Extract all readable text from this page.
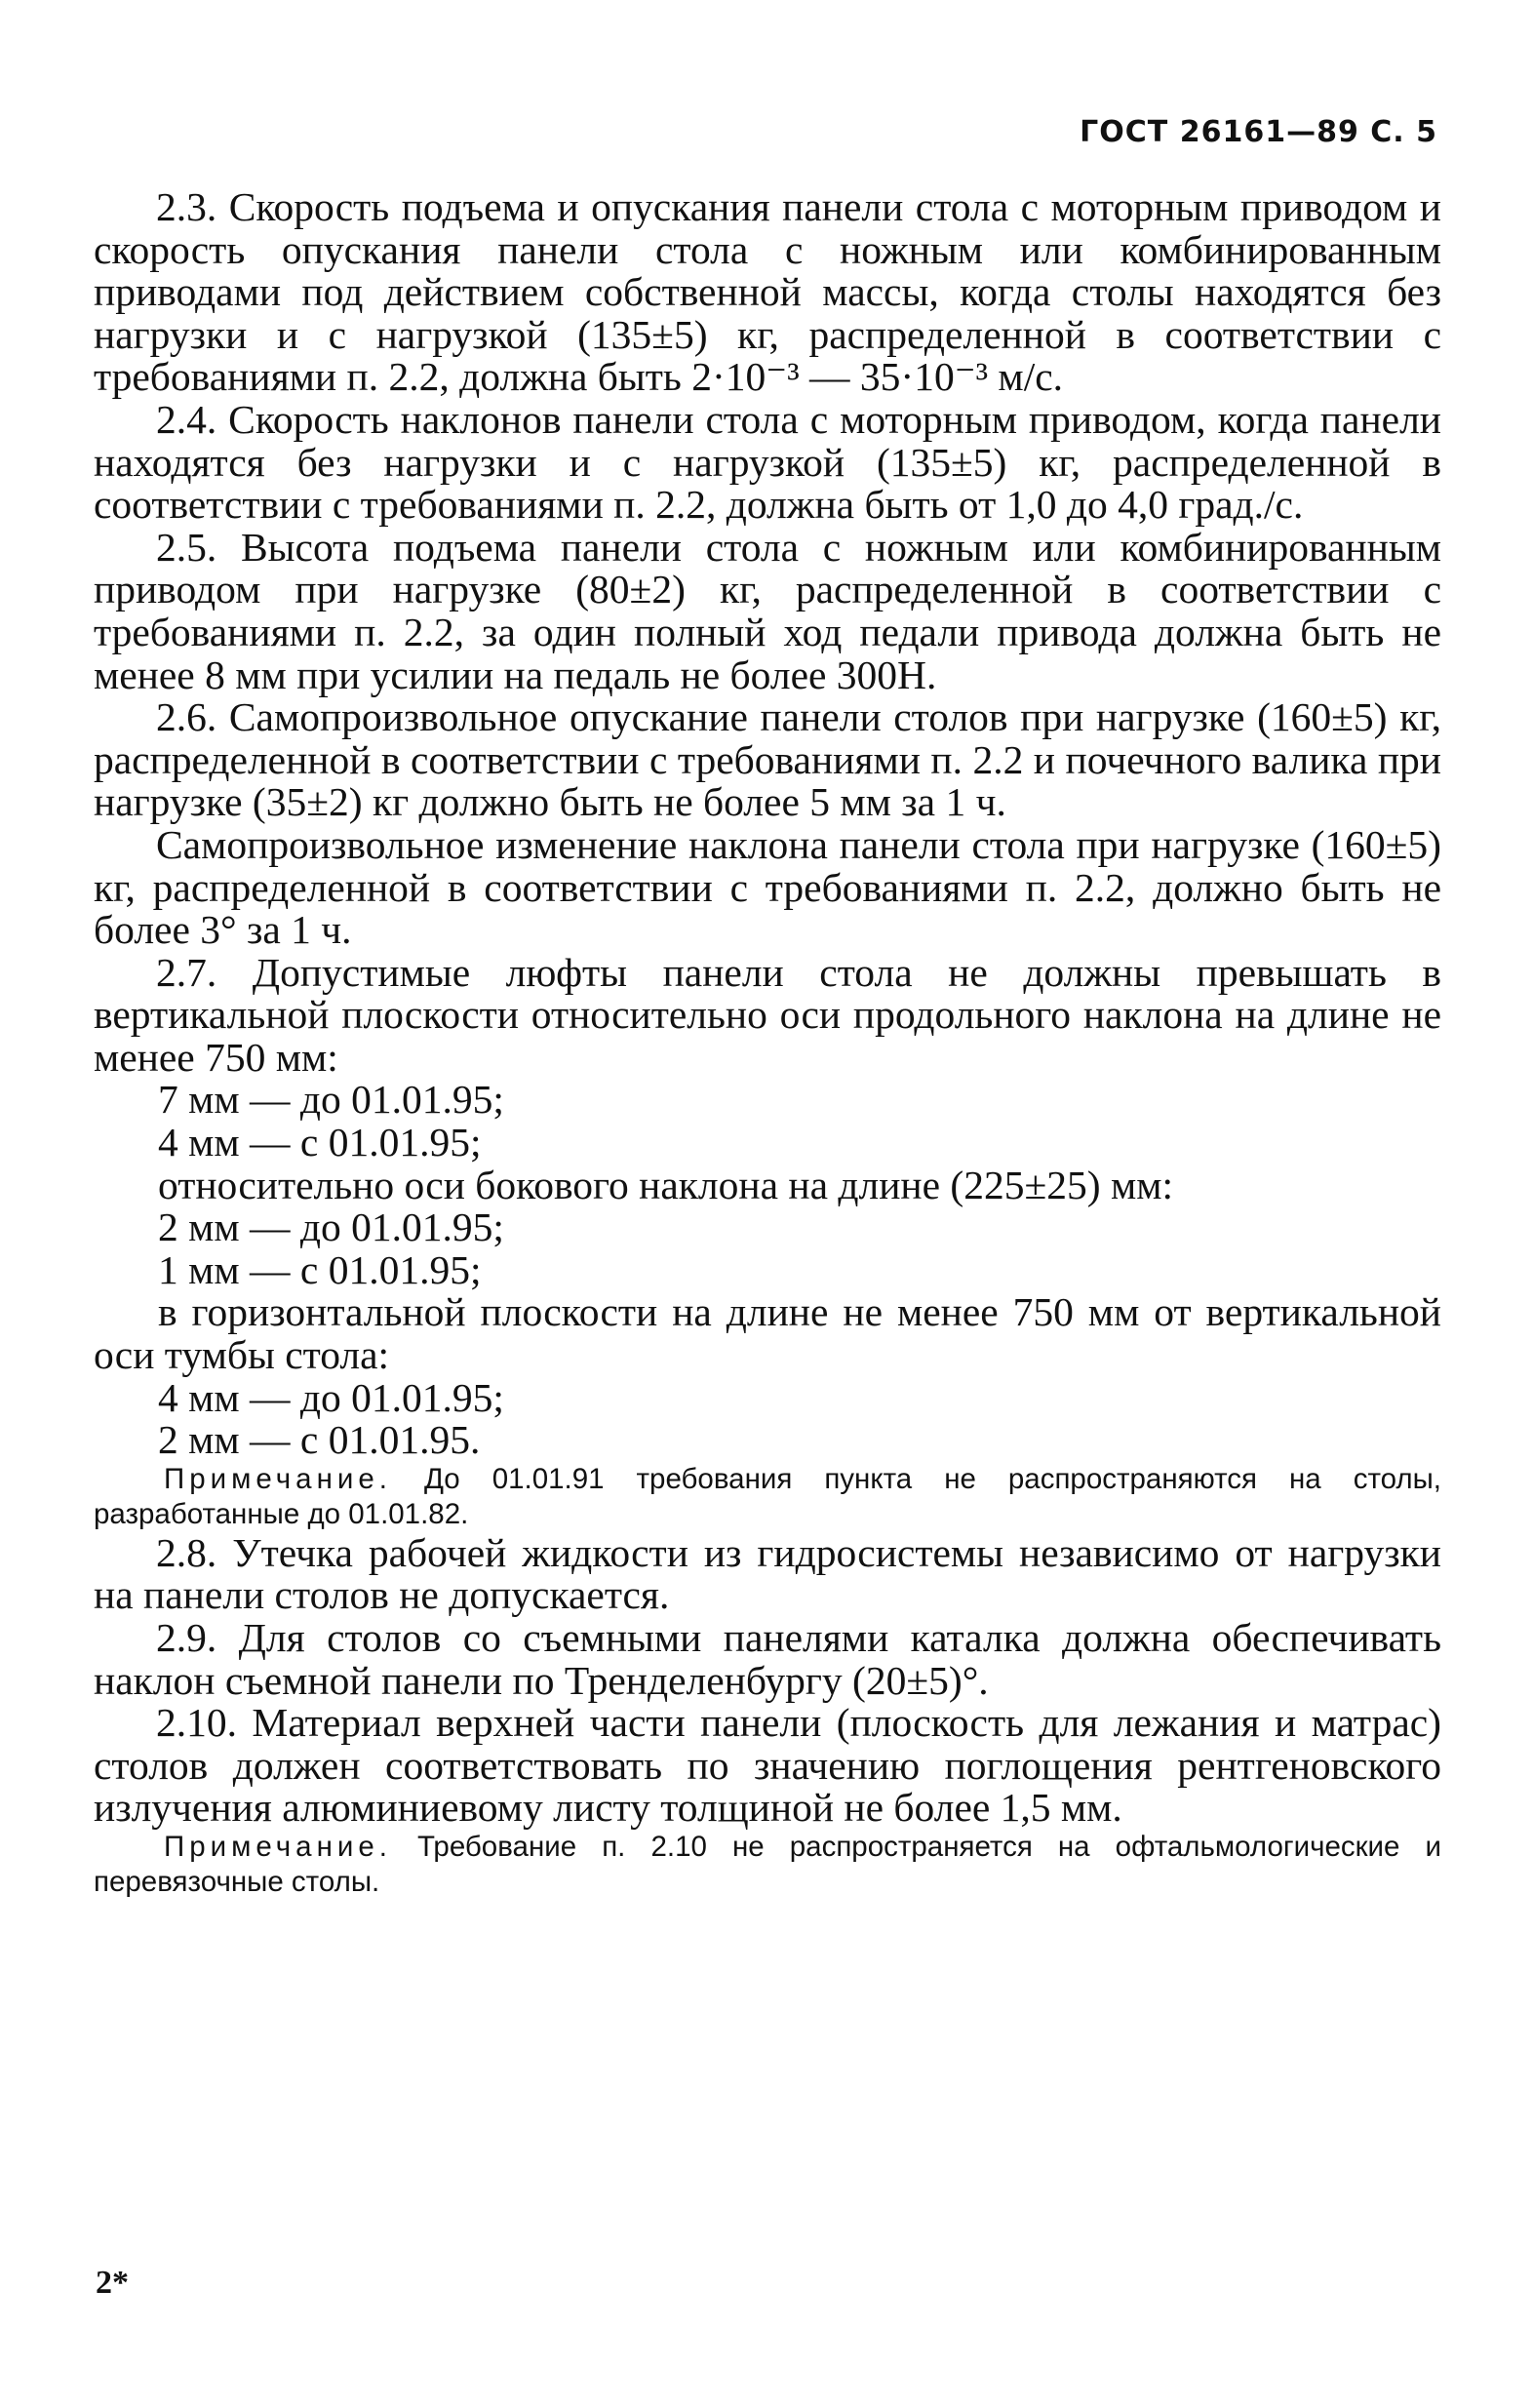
ГОСТ 26161—89 С. 5

2.3. Скорость подъема и опускания панели стола с моторным приводом и скорость опускания панели стола с ножным или комбинированным приводами под действием собственной массы, когда столы находятся без нагрузки и с нагрузкой (135±5) кг, распределенной в соответствии с требованиями п. 2.2, должна быть 2·10⁻³ — 35·10⁻³ м/с.

2.4. Скорость наклонов панели стола с моторным приводом, когда панели находятся без нагрузки и с нагрузкой (135±5) кг, распределенной в соответствии с требованиями п. 2.2, должна быть от 1,0 до 4,0 град./с.

2.5. Высота подъема панели стола с ножным или комбинированным приводом при нагрузке (80±2) кг, распределенной в соответствии с требованиями п. 2.2, за один полный ход педали привода должна быть не менее 8 мм при усилии на педаль не более 300Н.

2.6. Самопроизвольное опускание панели столов при нагрузке (160±5) кг, распределенной в соответствии с требованиями п. 2.2 и почечного валика при нагрузке (35±2) кг должно быть не более 5 мм за 1 ч.

Самопроизвольное изменение наклона панели стола при нагрузке (160±5) кг, распределенной в соответствии с требованиями п. 2.2, должно быть не более 3° за 1 ч.

2.7. Допустимые люфты панели стола не должны превышать в вертикальной плоскости относительно оси продольного наклона на длине не менее 750 мм:

7 мм — до 01.01.95;

4 мм — с 01.01.95;

относительно оси бокового наклона на длине (225±25) мм:

2 мм — до 01.01.95;

1 мм — с 01.01.95;

в горизонтальной плоскости на длине не менее 750 мм от вертикальной оси тумбы стола:

4 мм — до 01.01.95;

2 мм — с 01.01.95.

Примечание. До 01.01.91 требования пункта не распространяются на столы, разработанные до 01.01.82.

2.8. Утечка рабочей жидкости из гидросистемы независимо от нагрузки на панели столов не допускается.

2.9. Для столов со съемными панелями каталка должна обеспечивать наклон съемной панели по Тренделенбургу (20±5)°.

2.10. Материал верхней части панели (плоскость для лежания и матрас) столов должен соответствовать по значению поглощения рентгеновского излучения алюминиевому листу толщиной не более 1,5 мм.

Примечание. Требование п. 2.10 не распространяется на офтальмологические и перевязочные столы.

2*
